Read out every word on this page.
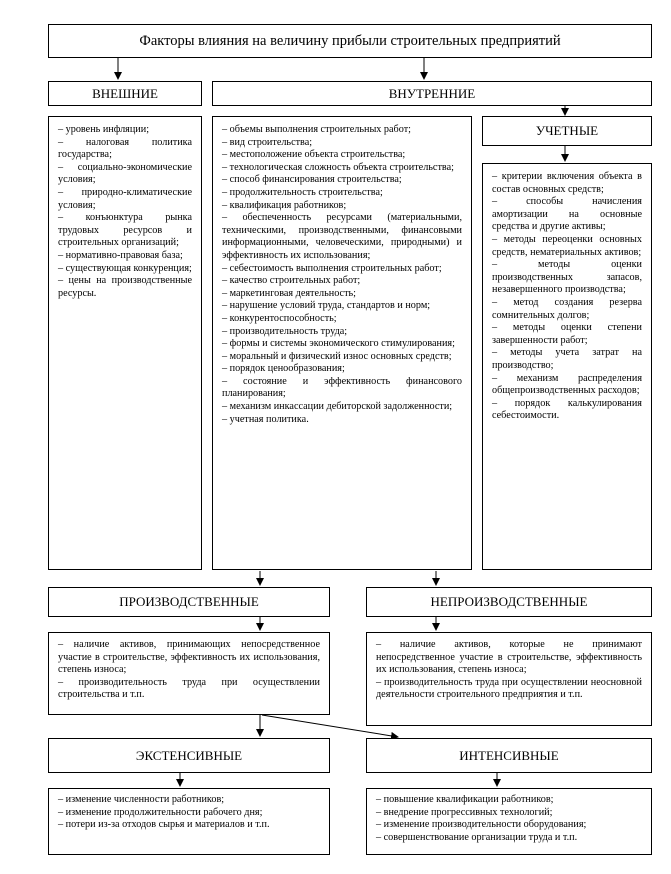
Факторы влияния на величину прибыли строительных предприятий
ВНЕШНИЕ	ВНУТРЕННИЕ
– уровень инфляции;
– налоговая политика государства;
– социально-экономические условия;
– природно-климатические условия;
– конъюнктура рынка трудовых ресурсов и строительных организаций;
– нормативно-правовая база;
– существующая конкуренция;
– цены на производственные ресурсы.
– объемы выполнения строительных работ;
– вид строительства;
– местоположение объекта строительства;
– технологическая сложность объекта строительства;
– способ финансирования строительства;
– продолжительность строительства;
– квалификация работников;
– обеспеченность ресурсами (материальными, техническими, производственными, финансовыми информационными, человеческими, природными) и эффективность их использования;
– себестоимость выполнения строительных работ;
– качество строительных работ;
– маркетинговая деятельность;
– нарушение условий труда, стандартов и норм;
– конкурентоспособность;
– производительность труда;
– формы и системы экономического стимулирования;
– моральный и физический износ основных средств;
– порядок ценообразования;
– состояние и эффективность финансового планирования;
– механизм инкассации дебиторской задолженности;
– учетная политика.
УЧЕТНЫЕ
– критерии включения объекта в состав основных средств;
– способы начисления амортизации на основные средства и другие активы;
– методы переоценки основных средств, нематериальных активов;
– методы оценки производственных запасов, незавершенного производства;
– метод создания резерва сомнительных долгов;
– методы оценки степени завершенности работ;
– методы учета затрат на производство;
– механизм распределения общепроизводственных расходов;
– порядок калькулирования себестоимости.
ПРОИЗВОДСТВЕННЫЕ	НЕПРОИЗВОДСТВЕННЫЕ
– наличие активов, принимающих непосредственное участие в строительстве, эффективность их использования, степень износа;
– производительность труда при осуществлении строительства и т.п.
– наличие активов, которые не принимают непосредственное участие в строительстве, эффективность их использования, степень износа;
– производительность труда при осуществлении неосновной деятельности строительного предприятия и т.п.
ЭКСТЕНСИВНЫЕ	ИНТЕНСИВНЫЕ
– изменение численности работников;
– изменение продолжительности рабочего дня;
– потери из-за отходов сырья и материалов и т.п.
– повышение квалификации работников;
– внедрение прогрессивных технологий;
– изменение производительности оборудования;
– совершенствование организации труда и т.п.
